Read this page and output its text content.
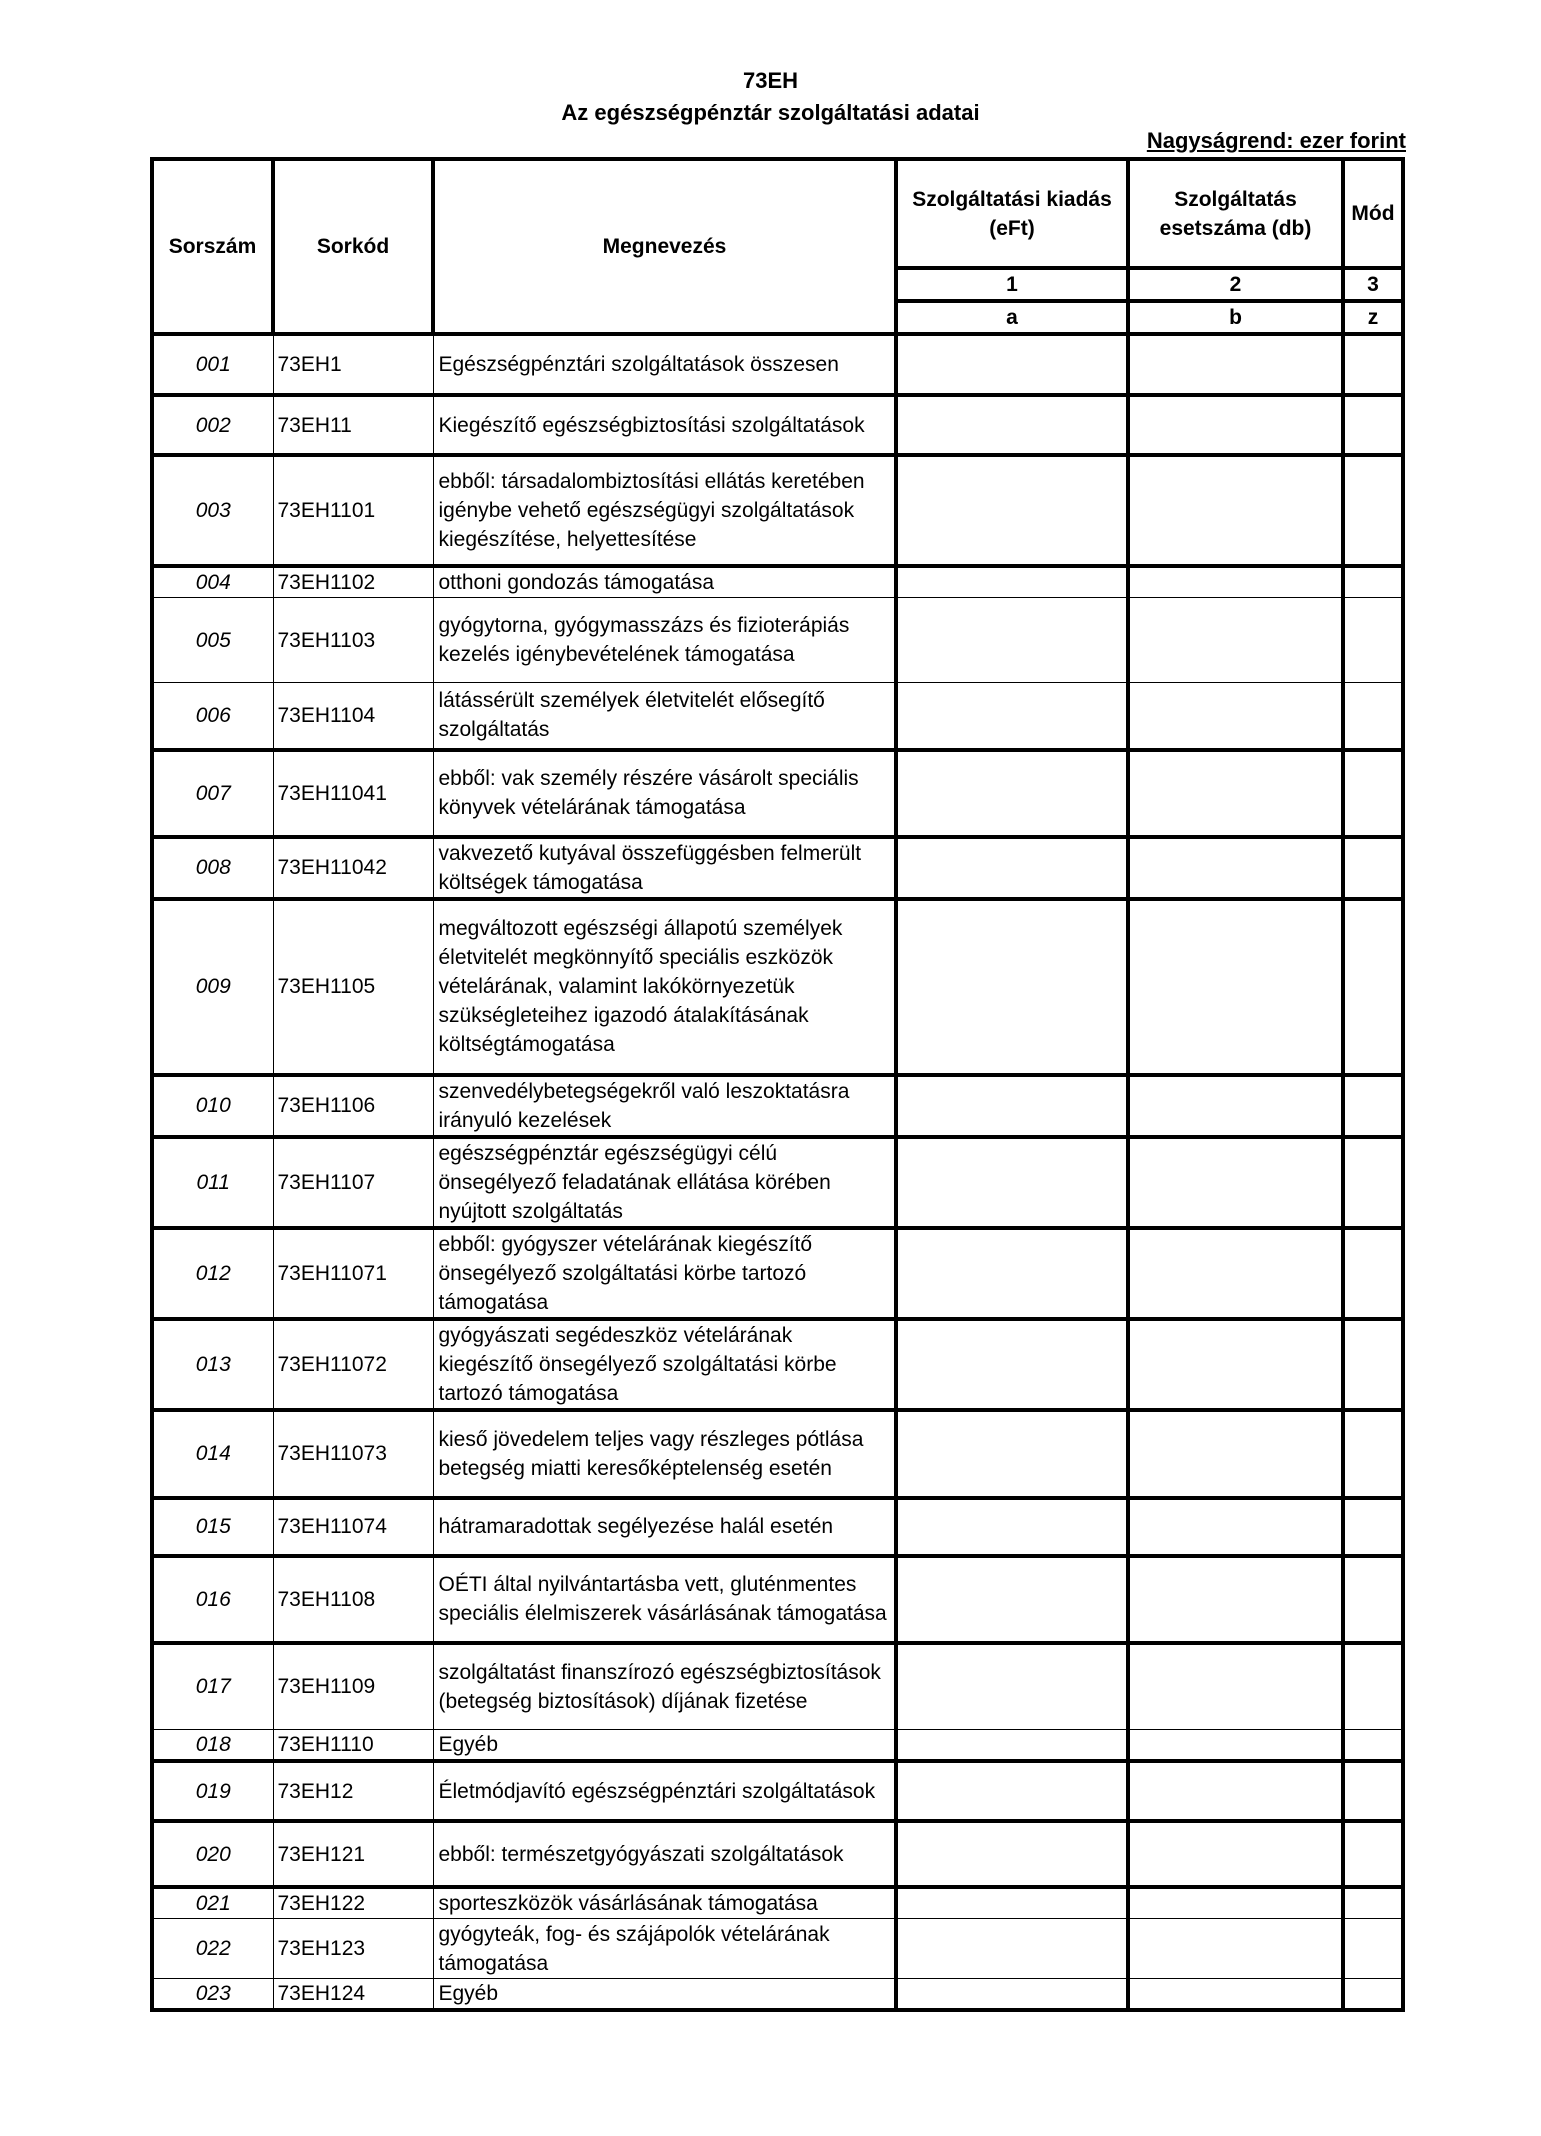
73EH
Az egészségpénztár szolgáltatási adatai
Nagyságrend: ezer forint
Sorszám	Sorkód	Megnevezés	Szolgáltatási kiadás (eFt)	Szolgáltatás esetszáma (db)	Mód
			1	2	3
			a	b	z
001	73EH1	Egészségpénztári szolgáltatások összesen			
002	73EH11	Kiegészítő egészségbiztosítási szolgáltatások			
003	73EH1101	ebből: társadalombiztosítási ellátás keretében igénybe vehető egészségügyi szolgáltatások kiegészítése, helyettesítése			
004	73EH1102	otthoni gondozás támogatása			
005	73EH1103	gyógytorna, gyógymasszázs és fizioterápiás kezelés igénybevételének támogatása			
006	73EH1104	látássérült személyek életvitelét elősegítő szolgáltatás			
007	73EH11041	ebből: vak személy részére vásárolt speciális könyvek vételárának támogatása			
008	73EH11042	vakvezető kutyával összefüggésben felmerült költségek támogatása			
009	73EH1105	megváltozott egészségi állapotú személyek életvitelét megkönnyítő speciális eszközök vételárának, valamint lakókörnyezetük szükségleteihez igazodó átalakításának költségtámogatása			
010	73EH1106	szenvedélybetegségekről való leszoktatásra irányuló kezelések			
011	73EH1107	egészségpénztár egészségügyi célú önsegélyező feladatának ellátása körében nyújtott szolgáltatás			
012	73EH11071	ebből: gyógyszer vételárának kiegészítő önsegélyező szolgáltatási körbe tartozó támogatása			
013	73EH11072	gyógyászati segédeszköz vételárának kiegészítő önsegélyező szolgáltatási körbe tartozó támogatása			
014	73EH11073	kieső jövedelem teljes vagy részleges pótlása betegség miatti keresőképtelenség esetén			
015	73EH11074	hátramaradottak segélyezése halál esetén			
016	73EH1108	OÉTI által nyilvántartásba vett, gluténmentes speciális élelmiszerek vásárlásának támogatása			
017	73EH1109	szolgáltatást finanszírozó egészségbiztosítások (betegség biztosítások) díjának fizetése			
018	73EH1110	Egyéb			
019	73EH12	Életmódjavító egészségpénztári szolgáltatások			
020	73EH121	ebből: természetgyógyászati szolgáltatások			
021	73EH122	sporteszközök vásárlásának támogatása			
022	73EH123	gyógyteák, fog- és szájápolók vételárának támogatása			
023	73EH124	Egyéb			
